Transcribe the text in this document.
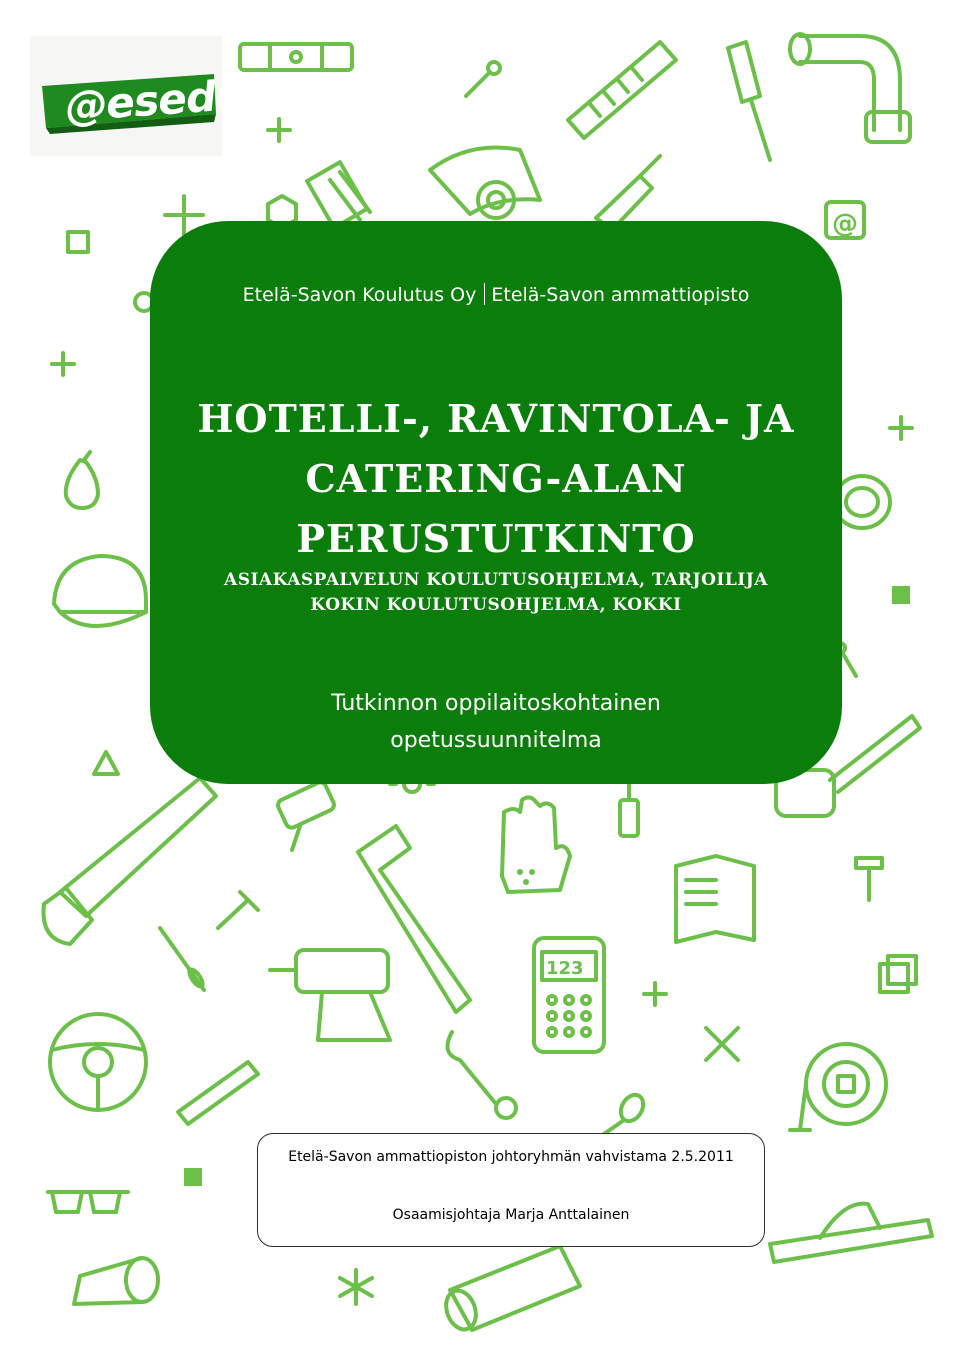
@
123
@esedu
Etelä-Savon Koulutus Oy Etelä-Savon ammattiopisto
HOTELLI-, RAVINTOLA- JA
CATERING-ALAN
PERUSTUTKINTO
ASIAKASPALVELUN KOULUTUSOHJELMA, TARJOILIJA
KOKIN KOULUTUSOHJELMA, KOKKI
Tutkinnon oppilaitoskohtainen
opetussuunnitelma
Etelä-Savon ammattiopiston johtoryhmän vahvistama 2.5.2011
Osaamisjohtaja Marja Anttalainen
